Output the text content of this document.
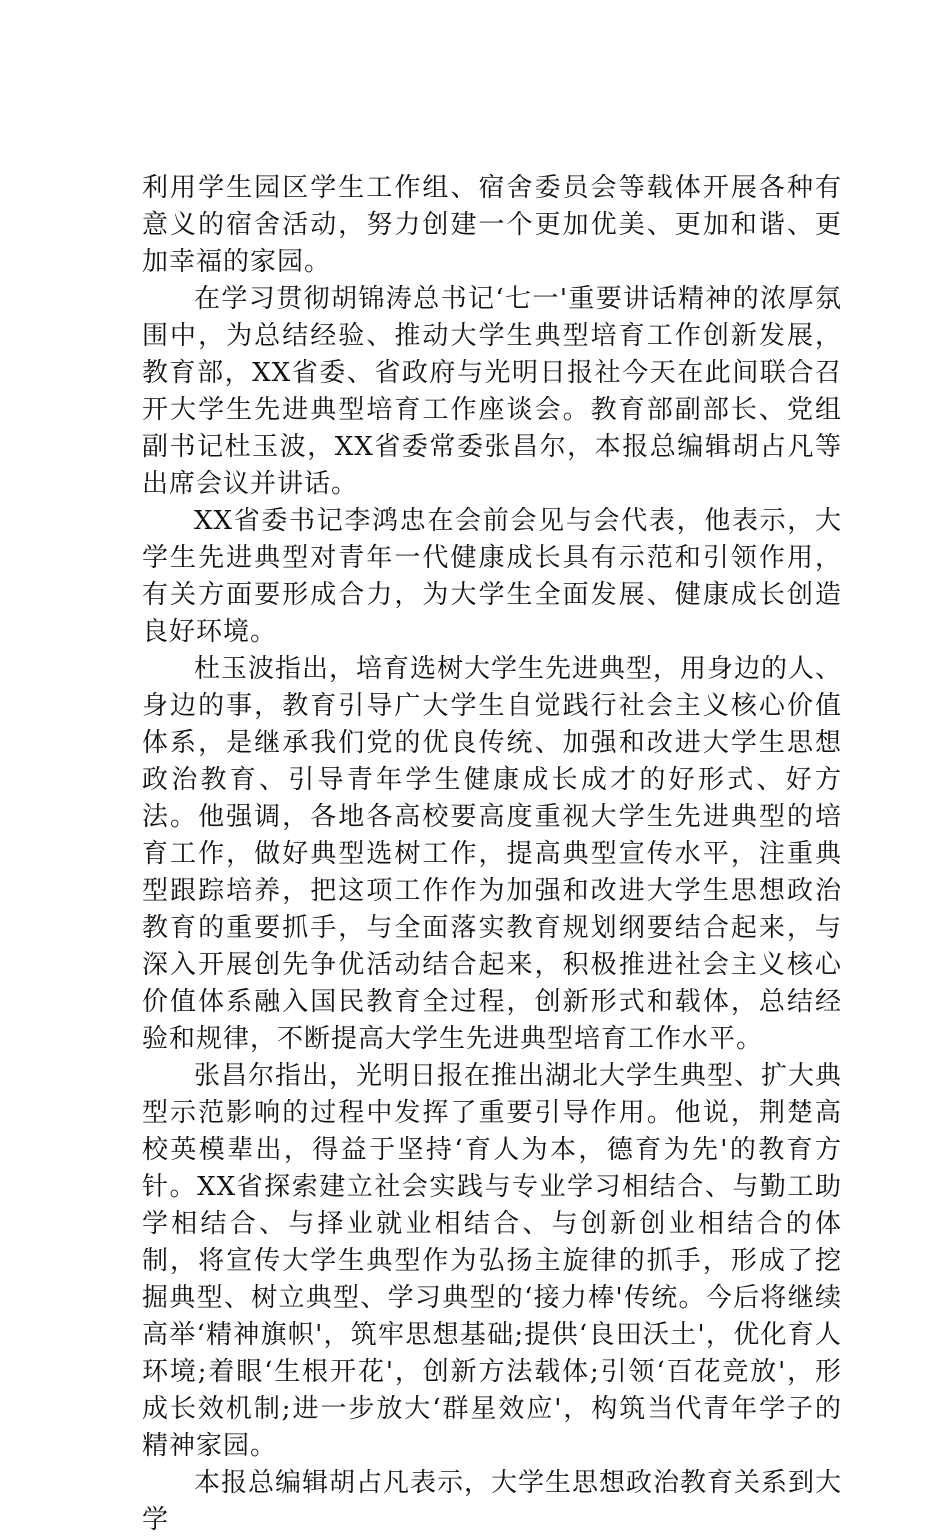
利用学生园区学生工作组、宿舍委员会等载体开展各种有意义的宿舍活动，努力创建一个更加优美、更加和谐、更加幸福的家园。

在学习贯彻胡锦涛总书记‘七一'重要讲话精神的浓厚氛围中，为总结经验、推动大学生典型培育工作创新发展，教育部，XX省委、省政府与光明日报社今天在此间联合召开大学生先进典型培育工作座谈会。教育部副部长、党组副书记杜玉波，XX省委常委张昌尔，本报总编辑胡占凡等出席会议并讲话。

XX省委书记李鸿忠在会前会见与会代表，他表示，大学生先进典型对青年一代健康成长具有示范和引领作用，有关方面要形成合力，为大学生全面发展、健康成长创造良好环境。

杜玉波指出，培育选树大学生先进典型，用身边的人、身边的事，教育引导广大学生自觉践行社会主义核心价值体系，是继承我们党的优良传统、加强和改进大学生思想政治教育、引导青年学生健康成长成才的好形式、好方法。他强调，各地各高校要高度重视大学生先进典型的培育工作，做好典型选树工作，提高典型宣传水平，注重典型跟踪培养，把这项工作作为加强和改进大学生思想政治教育的重要抓手，与全面落实教育规划纲要结合起来，与深入开展创先争优活动结合起来，积极推进社会主义核心价值体系融入国民教育全过程，创新形式和载体，总结经验和规律，不断提高大学生先进典型培育工作水平。

张昌尔指出，光明日报在推出湖北大学生典型、扩大典型示范影响的过程中发挥了重要引导作用。他说，荆楚高校英模辈出，得益于坚持‘育人为本，德育为先'的教育方针。XX省探索建立社会实践与专业学习相结合、与勤工助学相结合、与择业就业相结合、与创新创业相结合的体制，将宣传大学生典型作为弘扬主旋律的抓手，形成了挖掘典型、树立典型、学习典型的‘接力棒'传统。今后将继续高举‘精神旗帜'，筑牢思想基础;提供‘良田沃土'，优化育人环境;着眼‘生根开花'，创新方法载体;引领‘百花竞放'，形成长效机制;进一步放大‘群星效应'，构筑当代青年学子的精神家园。

本报总编辑胡占凡表示，大学生思想政治教育关系到大学
